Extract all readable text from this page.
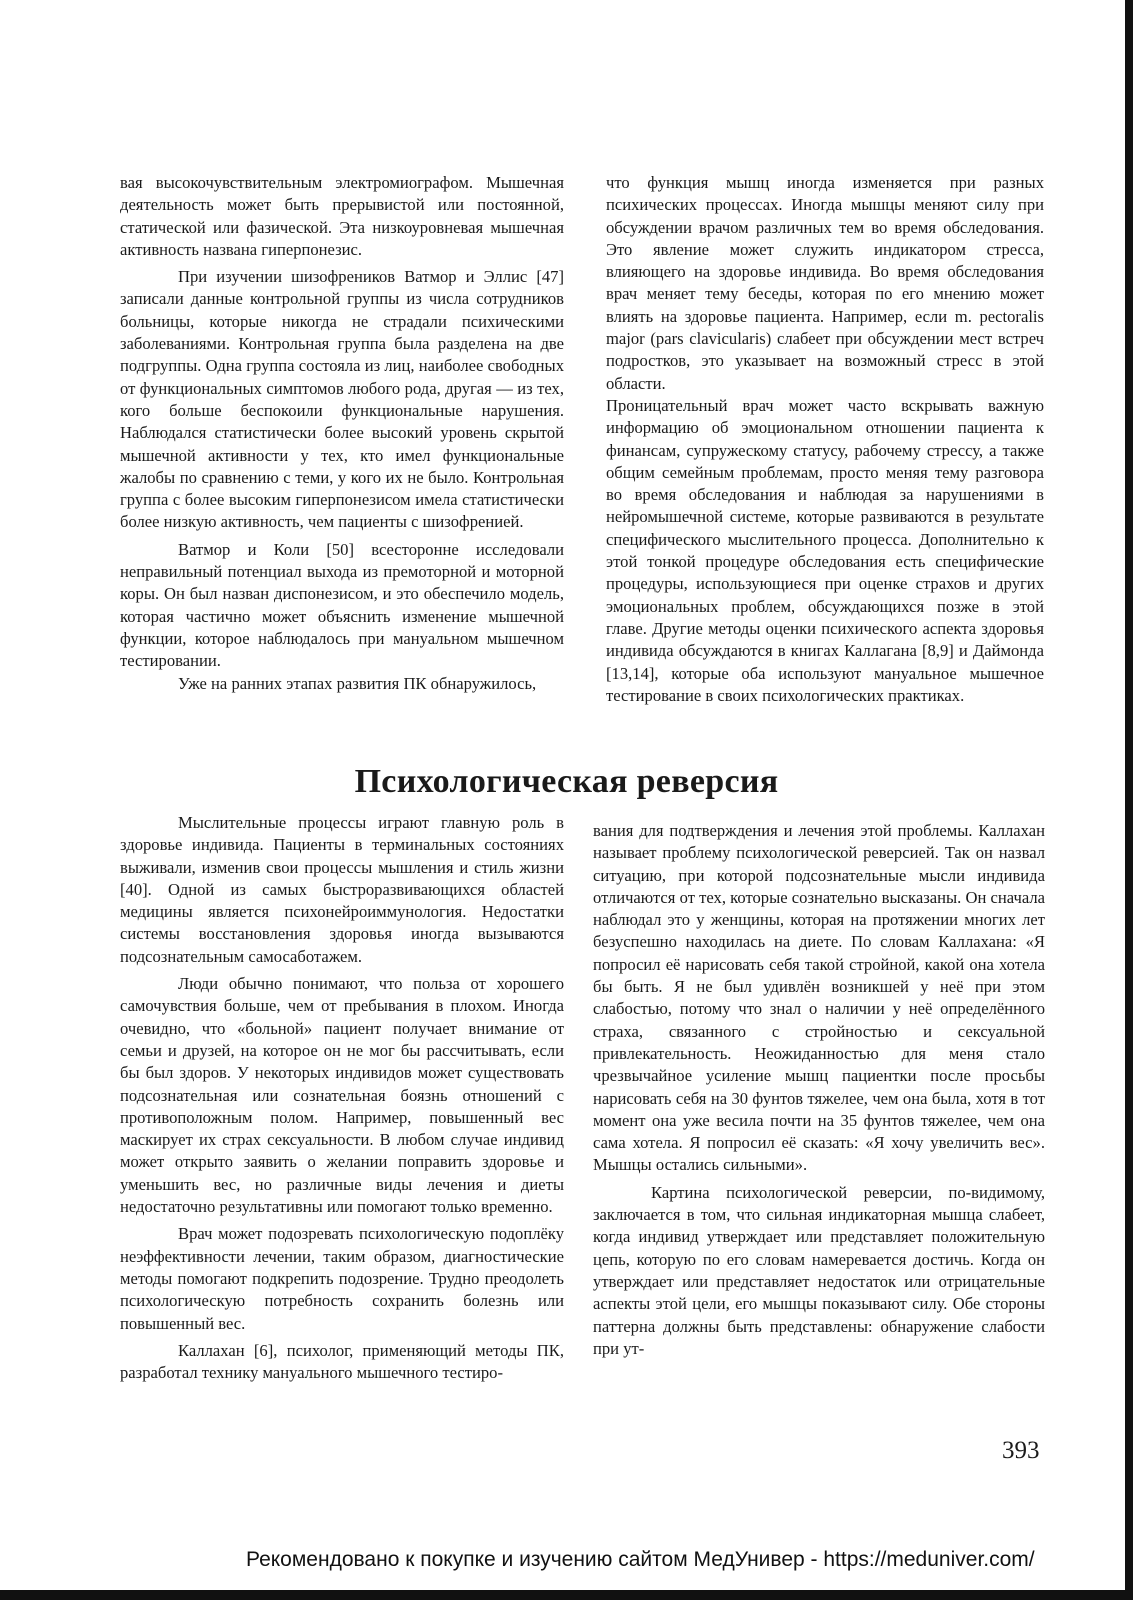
вая высокочувствительным электромиографом. Мышечная деятельность может быть прерывистой или постоянной, статической или фазической. Эта низкоуровневая мышечная активность названа гиперпонезис.

При изучении шизофреников Ватмор и Эллис [47] записали данные контрольной группы из числа сотрудников больницы, которые никогда не страдали психическими заболеваниями. Контрольная группа была разделена на две подгруппы. Одна группа состояла из лиц, наиболее свободных от функциональных симптомов любого рода, другая — из тех, кого больше беспокоили функциональные нарушения. Наблюдался статистически более высокий уровень скрытой мышечной активности у тех, кто имел функциональные жалобы по сравнению с теми, у кого их не было. Контрольная группа с более высоким гиперпонезисом имела статистически более низкую активность, чем пациенты с шизофренией.

Ватмор и Коли [50] всесторонне исследовали неправильный потенциал выхода из премоторной и моторной коры. Он был назван диспонезисом, и это обеспечило модель, которая частично может объяснить изменение мышечной функции, которое наблюдалось при мануальном мышечном тестировании.

Уже на ранних этапах развития ПК обнаружилось,

что функция мышц иногда изменяется при разных психических процессах. Иногда мышцы меняют силу при обсуждении врачом различных тем во время обследования. Это явление может служить индикатором стресса, влияющего на здоровье индивида. Во время обследования врач меняет тему беседы, которая по его мнению может влиять на здоровье пациента. Например, если m. pectoralis major (pars clavicularis) слабеет при обсуждении мест встреч подростков, это указывает на возможный стресс в этой области.

Проницательный врач может часто вскрывать важную информацию об эмоциональном отношении пациента к финансам, супружескому статусу, рабочему стрессу, а также общим семейным проблемам, просто меняя тему разговора во время обследования и наблюдая за нарушениями в нейромышечной системе, которые развиваются в результате специфического мыслительного процесса. Дополнительно к этой тонкой процедуре обследования есть специфические процедуры, использующиеся при оценке страхов и других эмоциональных проблем, обсуждающихся позже в этой главе. Другие методы оценки психического аспекта здоровья индивида обсуждаются в книгах Каллагана [8,9] и Даймонда [13,14], которые оба используют мануальное мышечное тестирование в своих психологических практиках.

Психологическая реверсия

Мыслительные процессы играют главную роль в здоровье индивида. Пациенты в терминальных состояниях выживали, изменив свои процессы мышления и стиль жизни [40]. Одной из самых быстроразвивающихся областей медицины является психонейроиммунология. Недостатки системы восстановления здоровья иногда вызываются подсознательным самосаботажем.

Люди обычно понимают, что польза от хорошего самочувствия больше, чем от пребывания в плохом. Иногда очевидно, что «больной» пациент получает внимание от семьи и друзей, на которое он не мог бы рассчитывать, если бы был здоров. У некоторых индивидов может существовать подсознательная или сознательная боязнь отношений с противоположным полом. Например, повышенный вес маскирует их страх сексуальности. В любом случае индивид может открыто заявить о желании поправить здоровье и уменьшить вес, но различные виды лечения и диеты недостаточно результативны или помогают только временно.

Врач может подозревать психологическую подоплёку неэффективности лечении, таким образом, диагностические методы помогают подкрепить подозрение. Трудно преодолеть психологическую потребность сохранить болезнь или повышенный вес.

Каллахан [6], психолог, применяющий методы ПК, разработал технику мануального мышечного тестиро-

вания для подтверждения и лечения этой проблемы. Каллахан называет проблему психологической реверсией. Так он назвал ситуацию, при которой подсознательные мысли индивида отличаются от тех, которые сознательно высказаны. Он сначала наблюдал это у женщины, которая на протяжении многих лет безуспешно находилась на диете. По словам Каллахана: «Я попросил её нарисовать себя такой стройной, какой она хотела бы быть. Я не был удивлён возникшей у неё при этом слабостью, потому что знал о наличии у неё определённого страха, связанного с стройностью и сексуальной привлекательность. Неожиданностью для меня стало чрезвычайное усиление мышц пациентки после просьбы нарисовать себя на 30 фунтов тяжелее, чем она была, хотя в тот момент она уже весила почти на 35 фунтов тяжелее, чем она сама хотела. Я попросил её сказать: «Я хочу увеличить вес». Мышцы остались сильными».

Картина психологической реверсии, по-видимому, заключается в том, что сильная индикаторная мышца слабеет, когда индивид утверждает или представляет положительную цепь, которую по его словам намеревается достичь. Когда он утверждает или представляет недостаток или отрицательные аспекты этой цели, его мышцы показывают силу. Обе стороны паттерна должны быть представлены: обнаружение слабости при ут-

393
Рекомендовано к покупке и изучению сайтом МедУнивер - https://meduniver.com/
